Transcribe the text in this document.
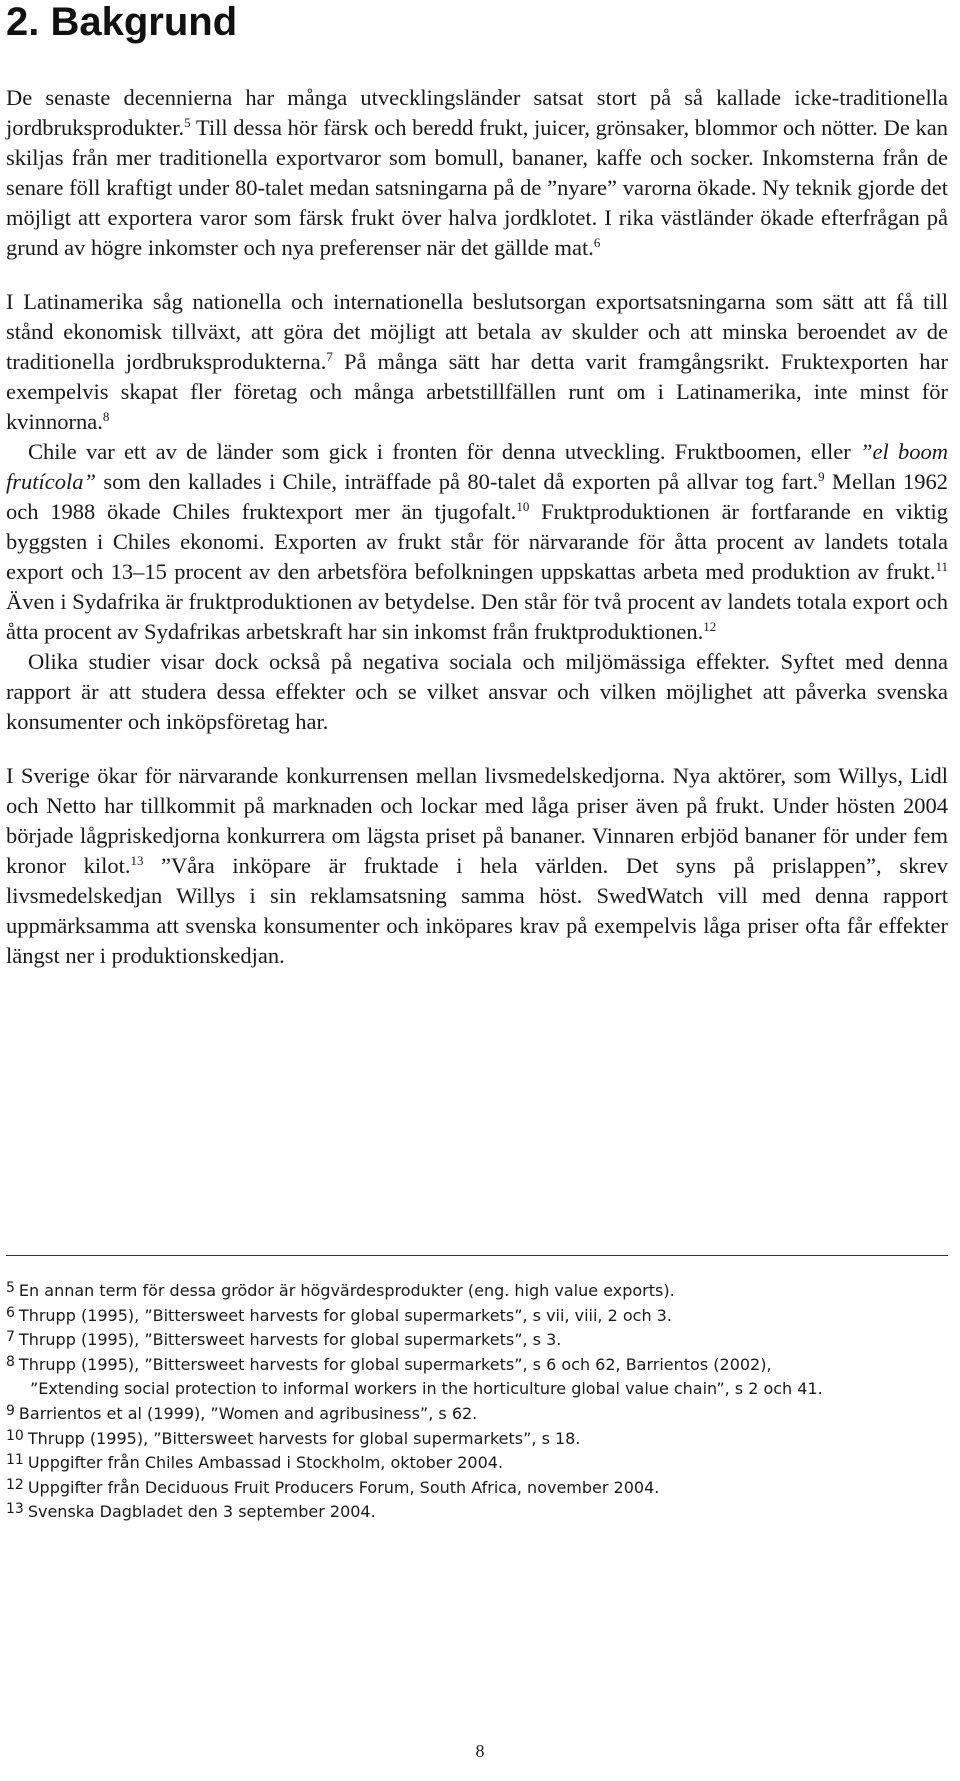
2. Bakgrund

De senaste decennierna har många utvecklingsländer satsat stort på så kallade icke-traditionella jordbruksprodukter.$^5$ Till dessa hör färsk och beredd frukt, juicer, grönsaker, blommor och nötter. De kan skiljas från mer traditionella exportvaror som bomull, bananer, kaffe och socker. Inkomsterna från de senare föll kraftigt under 80-talet medan satsningarna på de ”nyare” varorna ökade. Ny teknik gjorde det möjligt att exportera varor som färsk frukt över halva jordklotet. I rika västländer ökade efterfrågan på grund av högre inkomster och nya preferenser när det gällde mat.$^6$

I Latinamerika såg nationella och internationella beslutsorgan exportsatsningarna som sätt att få till stånd ekonomisk tillväxt, att göra det möjligt att betala av skulder och att minska beroendet av de traditionella jordbruksprodukterna.$^7$ På många sätt har detta varit framgångsrikt. Fruktexporten har exempelvis skapat fler företag och många arbetstillfällen runt om i Latinamerika, inte minst för kvinnorna.$^8$

Chile var ett av de länder som gick i fronten för denna utveckling. Fruktboomen, eller ”el boom frutícola” som den kallades i Chile, inträffade på 80-talet då exporten på allvar tog fart.$^9$ Mellan 1962 och 1988 ökade Chiles fruktexport mer än tjugofalt.$^{10}$ Fruktproduktionen är fortfarande en viktig byggsten i Chiles ekonomi. Exporten av frukt står för närvarande för åtta procent av landets totala export och 13–15 procent av den arbetsföra befolkningen uppskattas arbeta med produktion av frukt.$^{11}$ Även i Sydafrika är fruktproduktionen av betydelse. Den står för två procent av landets totala export och åtta procent av Sydafrikas arbetskraft har sin inkomst från fruktproduktionen.$^{12}$

Olika studier visar dock också på negativa sociala och miljömässiga effekter. Syftet med denna rapport är att studera dessa effekter och se vilket ansvar och vilken möjlighet att påverka svenska konsumenter och inköpsföretag har.

I Sverige ökar för närvarande konkurrensen mellan livsmedelskedjorna. Nya aktörer, som Willys, Lidl och Netto har tillkommit på marknaden och lockar med låga priser även på frukt. Under hösten 2004 började lågpriskedjorna konkurrera om lägsta priset på bananer. Vinnaren erbjöd bananer för under fem kronor kilot.$^{13}$ ”Våra inköpare är fruktade i hela världen. Det syns på prislappen”, skrev livsmedelskedjan Willys i sin reklamsatsning samma höst. SwedWatch vill med denna rapport uppmärksamma att svenska konsumenter och inköpares krav på exempelvis låga priser ofta får effekter längst ner i produktionskedjan.

5 En annan term för dessa grödor är högvärdesprodukter (eng. high value exports).
6 Thrupp (1995), ”Bittersweet harvests for global supermarkets”, s vii, viii, 2 och 3.
7 Thrupp (1995), ”Bittersweet harvests for global supermarkets”, s 3.
8 Thrupp (1995), ”Bittersweet harvests for global supermarkets”, s 6 och 62, Barrientos (2002),
”Extending social protection to informal workers in the horticulture global value chain”, s 2 och 41.
9 Barrientos et al (1999), ”Women and agribusiness”, s 62.
10 Thrupp (1995), ”Bittersweet harvests for global supermarkets”, s 18.
11 Uppgifter från Chiles Ambassad i Stockholm, oktober 2004.
12 Uppgifter från Deciduous Fruit Producers Forum, South Africa, november 2004.
13 Svenska Dagbladet den 3 september 2004.
8
